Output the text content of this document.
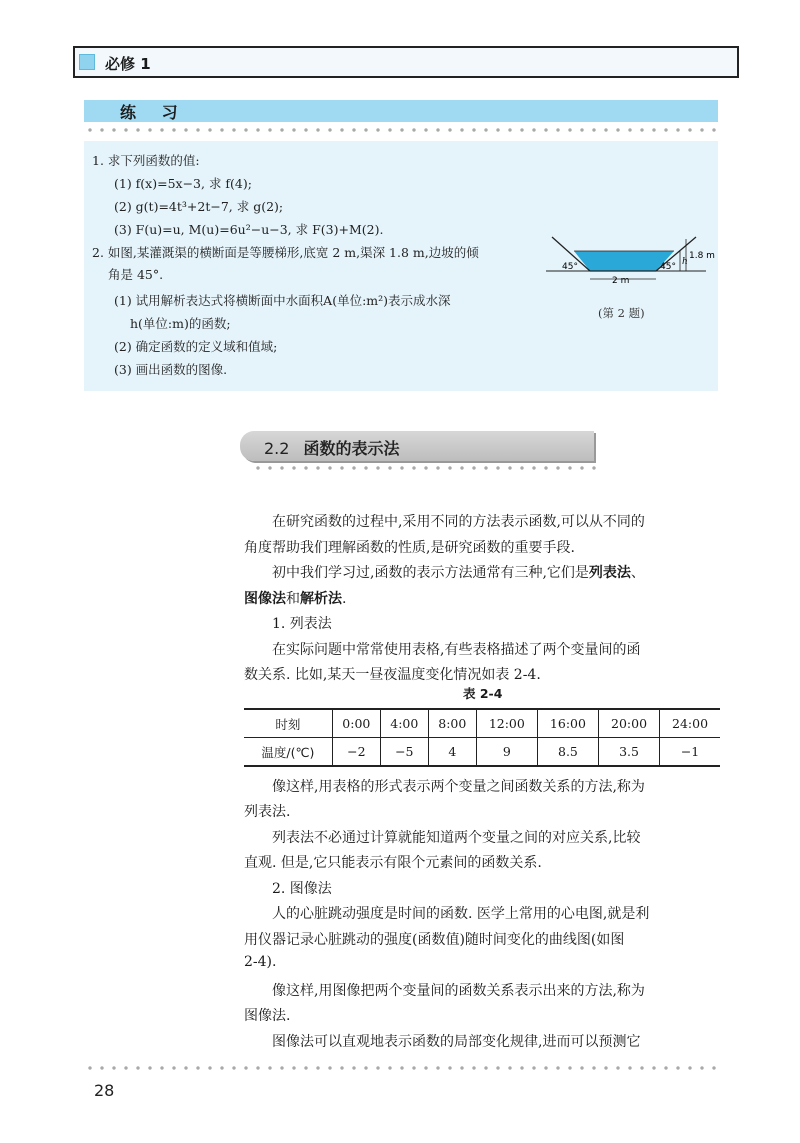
必修 1
练 习
1. 求下列函数的值:
(1) f(x)=5x−3, 求 f(4);
(2) g(t)=4t³+2t−7, 求 g(2);
(3) F(u)=u, M(u)=6u²−u−3, 求 F(3)+M(2).
2. 如图,某灌溉渠的横断面是等腰梯形,底宽 2 m,渠深 1.8 m,边坡的倾
角是 45°.
(1) 试用解析表达式将横断面中水面积A(单位:m²)表示成水深
h(单位:m)的函数;
(2) 确定函数的定义域和值域;
(3) 画出函数的图像.
45°	45° h
1.8 m
2 m
(第 2 题)
2.2 函数的表示法
在研究函数的过程中,采用不同的方法表示函数,可以从不同的
角度帮助我们理解函数的性质,是研究函数的重要手段.
初中我们学习过,函数的表示方法通常有三种,它们是列表法、
图像法和解析法.
1. 列表法
在实际问题中常常使用表格,有些表格描述了两个变量间的函
数关系. 比如,某天一昼夜温度变化情况如表 2-4.
表 2-4
时刻	0:00	4:00	8:00	12:00	16:00	20:00	24:00
温度/(℃)	−2	−5	4	9	8.5	3.5	−1
像这样,用表格的形式表示两个变量之间函数关系的方法,称为
列表法.
列表法不必通过计算就能知道两个变量之间的对应关系,比较
直观. 但是,它只能表示有限个元素间的函数关系.
2. 图像法
人的心脏跳动强度是时间的函数. 医学上常用的心电图,就是利
用仪器记录心脏跳动的强度(函数值)随时间变化的曲线图(如图
2-4).
像这样,用图像把两个变量间的函数关系表示出来的方法,称为
图像法.
图像法可以直观地表示函数的局部变化规律,进而可以预测它
28
